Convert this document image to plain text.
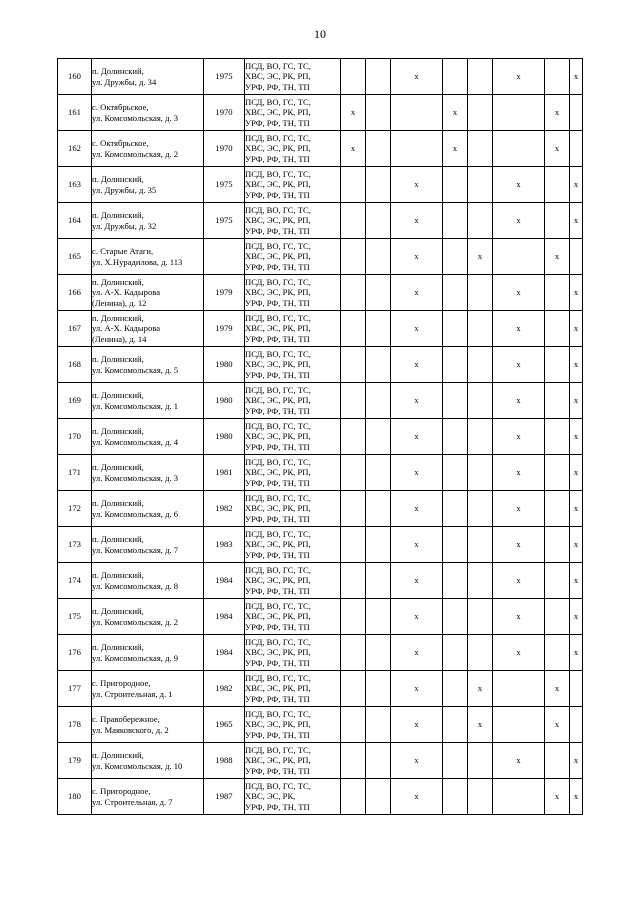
10
160	п. Долинский,
ул. Дружбы, д. 34	1975	ПСД, ВО, ГС, ТС,
ХВС, ЭС, РК, РП,
УРФ, РФ, ТН, ТП			x			x		x	
161	с. Октябрьское,
ул. Комсомольская, д. 3	1970	ПСД, ВО, ГС, ТС,
ХВС, ЭС, РК, РП,
УРФ, РФ, ТН, ТП	x			x			x		
162	с. Октябрьское,
ул. Комсомольская, д. 2	1970	ПСД, ВО, ГС, ТС,
ХВС, ЭС, РК, РП,
УРФ, РФ, ТН, ТП	x			x			x		
163	п. Долинский,
ул. Дружбы, д. 35	1975	ПСД, ВО, ГС, ТС,
ХВС, ЭС, РК, РП,
УРФ, РФ, ТН, ТП			x			x		x	
164	п. Долинский,
ул. Дружбы, д. 32	1975	ПСД, ВО, ГС, ТС,
ХВС, ЭС, РК, РП,
УРФ, РФ, ТН, ТП			x			x		x	
165	с. Старые Атаги,
ул. Х.Нурадилова, д. 113		ПСД, ВО, ГС, ТС,
ХВС, ЭС, РК, РП,
УРФ, РФ, ТН, ТП			x		x		x		
166	п. Долинский,
ул. А-Х. Кадырова
(Ленина), д. 12	1979	ПСД, ВО, ГС, ТС,
ХВС, ЭС, РК, РП,
УРФ, РФ, ТН, ТП			x			x		x	
167	п. Долинский,
ул. А-Х. Кадырова
(Ленина), д. 14	1979	ПСД, ВО, ГС, ТС,
ХВС, ЭС, РК, РП,
УРФ, РФ, ТН, ТП			x			x		x	
168	п. Долинский,
ул. Комсомольская, д. 5	1980	ПСД, ВО, ГС, ТС,
ХВС, ЭС, РК, РП,
УРФ, РФ, ТН, ТП			x			x		x	
169	п. Долинский,
ул. Комсомольская, д. 1	1980	ПСД, ВО, ГС, ТС,
ХВС, ЭС, РК, РП,
УРФ, РФ, ТН, ТП			x			x		x	
170	п. Долинский,
ул. Комсомольская, д. 4	1980	ПСД, ВО, ГС, ТС,
ХВС, ЭС, РК, РП,
УРФ, РФ, ТН, ТП			x			x		x	
171	п. Долинский,
ул. Комсомольская, д. 3	1981	ПСД, ВО, ГС, ТС,
ХВС, ЭС, РК, РП,
УРФ, РФ, ТН, ТП			x			x		x	
172	п. Долинский,
ул. Комсомольская, д. 6	1982	ПСД, ВО, ГС, ТС,
ХВС, ЭС, РК, РП,
УРФ, РФ, ТН, ТП			x			x		x	
173	п. Долинский,
ул. Комсомольская, д. 7	1983	ПСД, ВО, ГС, ТС,
ХВС, ЭС, РК, РП,
УРФ, РФ, ТН, ТП			x			x		x	
174	п. Долинский,
ул. Комсомольская, д. 8	1984	ПСД, ВО, ГС, ТС,
ХВС, ЭС, РК, РП,
УРФ, РФ, ТН, ТП			x			x		x	
175	п. Долинский,
ул. Комсомольская, д. 2	1984	ПСД, ВО, ГС, ТС,
ХВС, ЭС, РК, РП,
УРФ, РФ, ТН, ТП			x			x		x	
176	п. Долинский,
ул. Комсомольская, д. 9	1984	ПСД, ВО, ГС, ТС,
ХВС, ЭС, РК, РП,
УРФ, РФ, ТН, ТП			x			x		x	
177	с. Пригородное,
ул. Строительная, д. 1	1982	ПСД, ВО, ГС, ТС,
ХВС, ЭС, РК, РП,
УРФ, РФ, ТН, ТП			x		x		x		
178	с. Правобережное,
ул. Маяковского, д. 2	1965	ПСД, ВО, ГС, ТС,
ХВС, ЭС, РК, РП,
УРФ, РФ, ТН, ТП			x		x		x		
179	п. Долинский,
ул. Комсомольская, д. 10	1988	ПСД, ВО, ГС, ТС,
ХВС, ЭС, РК, РП,
УРФ, РФ, ТН, ТП			x			x		x	
180	с. Пригородное,
ул. Строительная, д. 7	1987	ПСД, ВО, ГС, ТС,
ХВС, ЭС, РК,
УРФ, РФ, ТН, ТП			x				x	x	
